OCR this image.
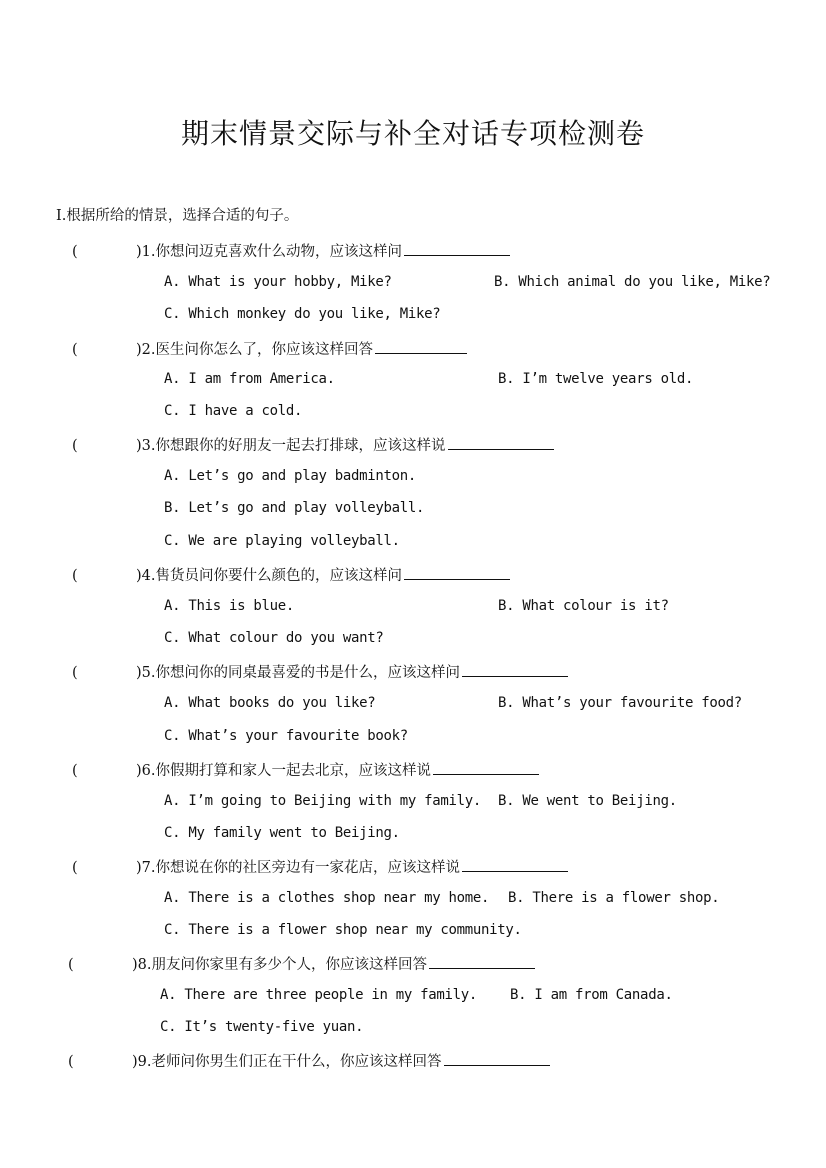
期末情景交际与补全对话专项检测卷
Ⅰ.根据所给的情景，选择合适的句子。
(	)1.你想问迈克喜欢什么动物，应该这样问
A. What is your hobby, Mike?	B. Which animal do you like, Mike?
C. Which monkey do you like, Mike?
(	)2.医生问你怎么了，你应该这样回答
A. I am from America.	B. I’m twelve years old.
C. I have a cold.
(	)3.你想跟你的好朋友一起去打排球，应该这样说
A. Let’s go and play badminton.
B. Let’s go and play volleyball.
C. We are playing volleyball.
(	)4.售货员问你要什么颜色的，应该这样问
A. This is blue.	B. What colour is it?
C. What colour do you want?
(	)5.你想问你的同桌最喜爱的书是什么，应该这样问
A. What books do you like?	B. What’s your favourite food?
C. What’s your favourite book?
(	)6.你假期打算和家人一起去北京，应该这样说
A. I’m going to Beijing with my family. B. We went to Beijing.
C. My family went to Beijing.
(	)7.你想说在你的社区旁边有一家花店，应该这样说
A. There is a clothes shop near my home. B. There is a flower shop.
C. There is a flower shop near my community.
(	)8.朋友问你家里有多少个人，你应该这样回答
A. There are three people in my family. B. I am from Canada.
C. It’s twenty-five yuan.
(	)9.老师问你男生们正在干什么，你应该这样回答
